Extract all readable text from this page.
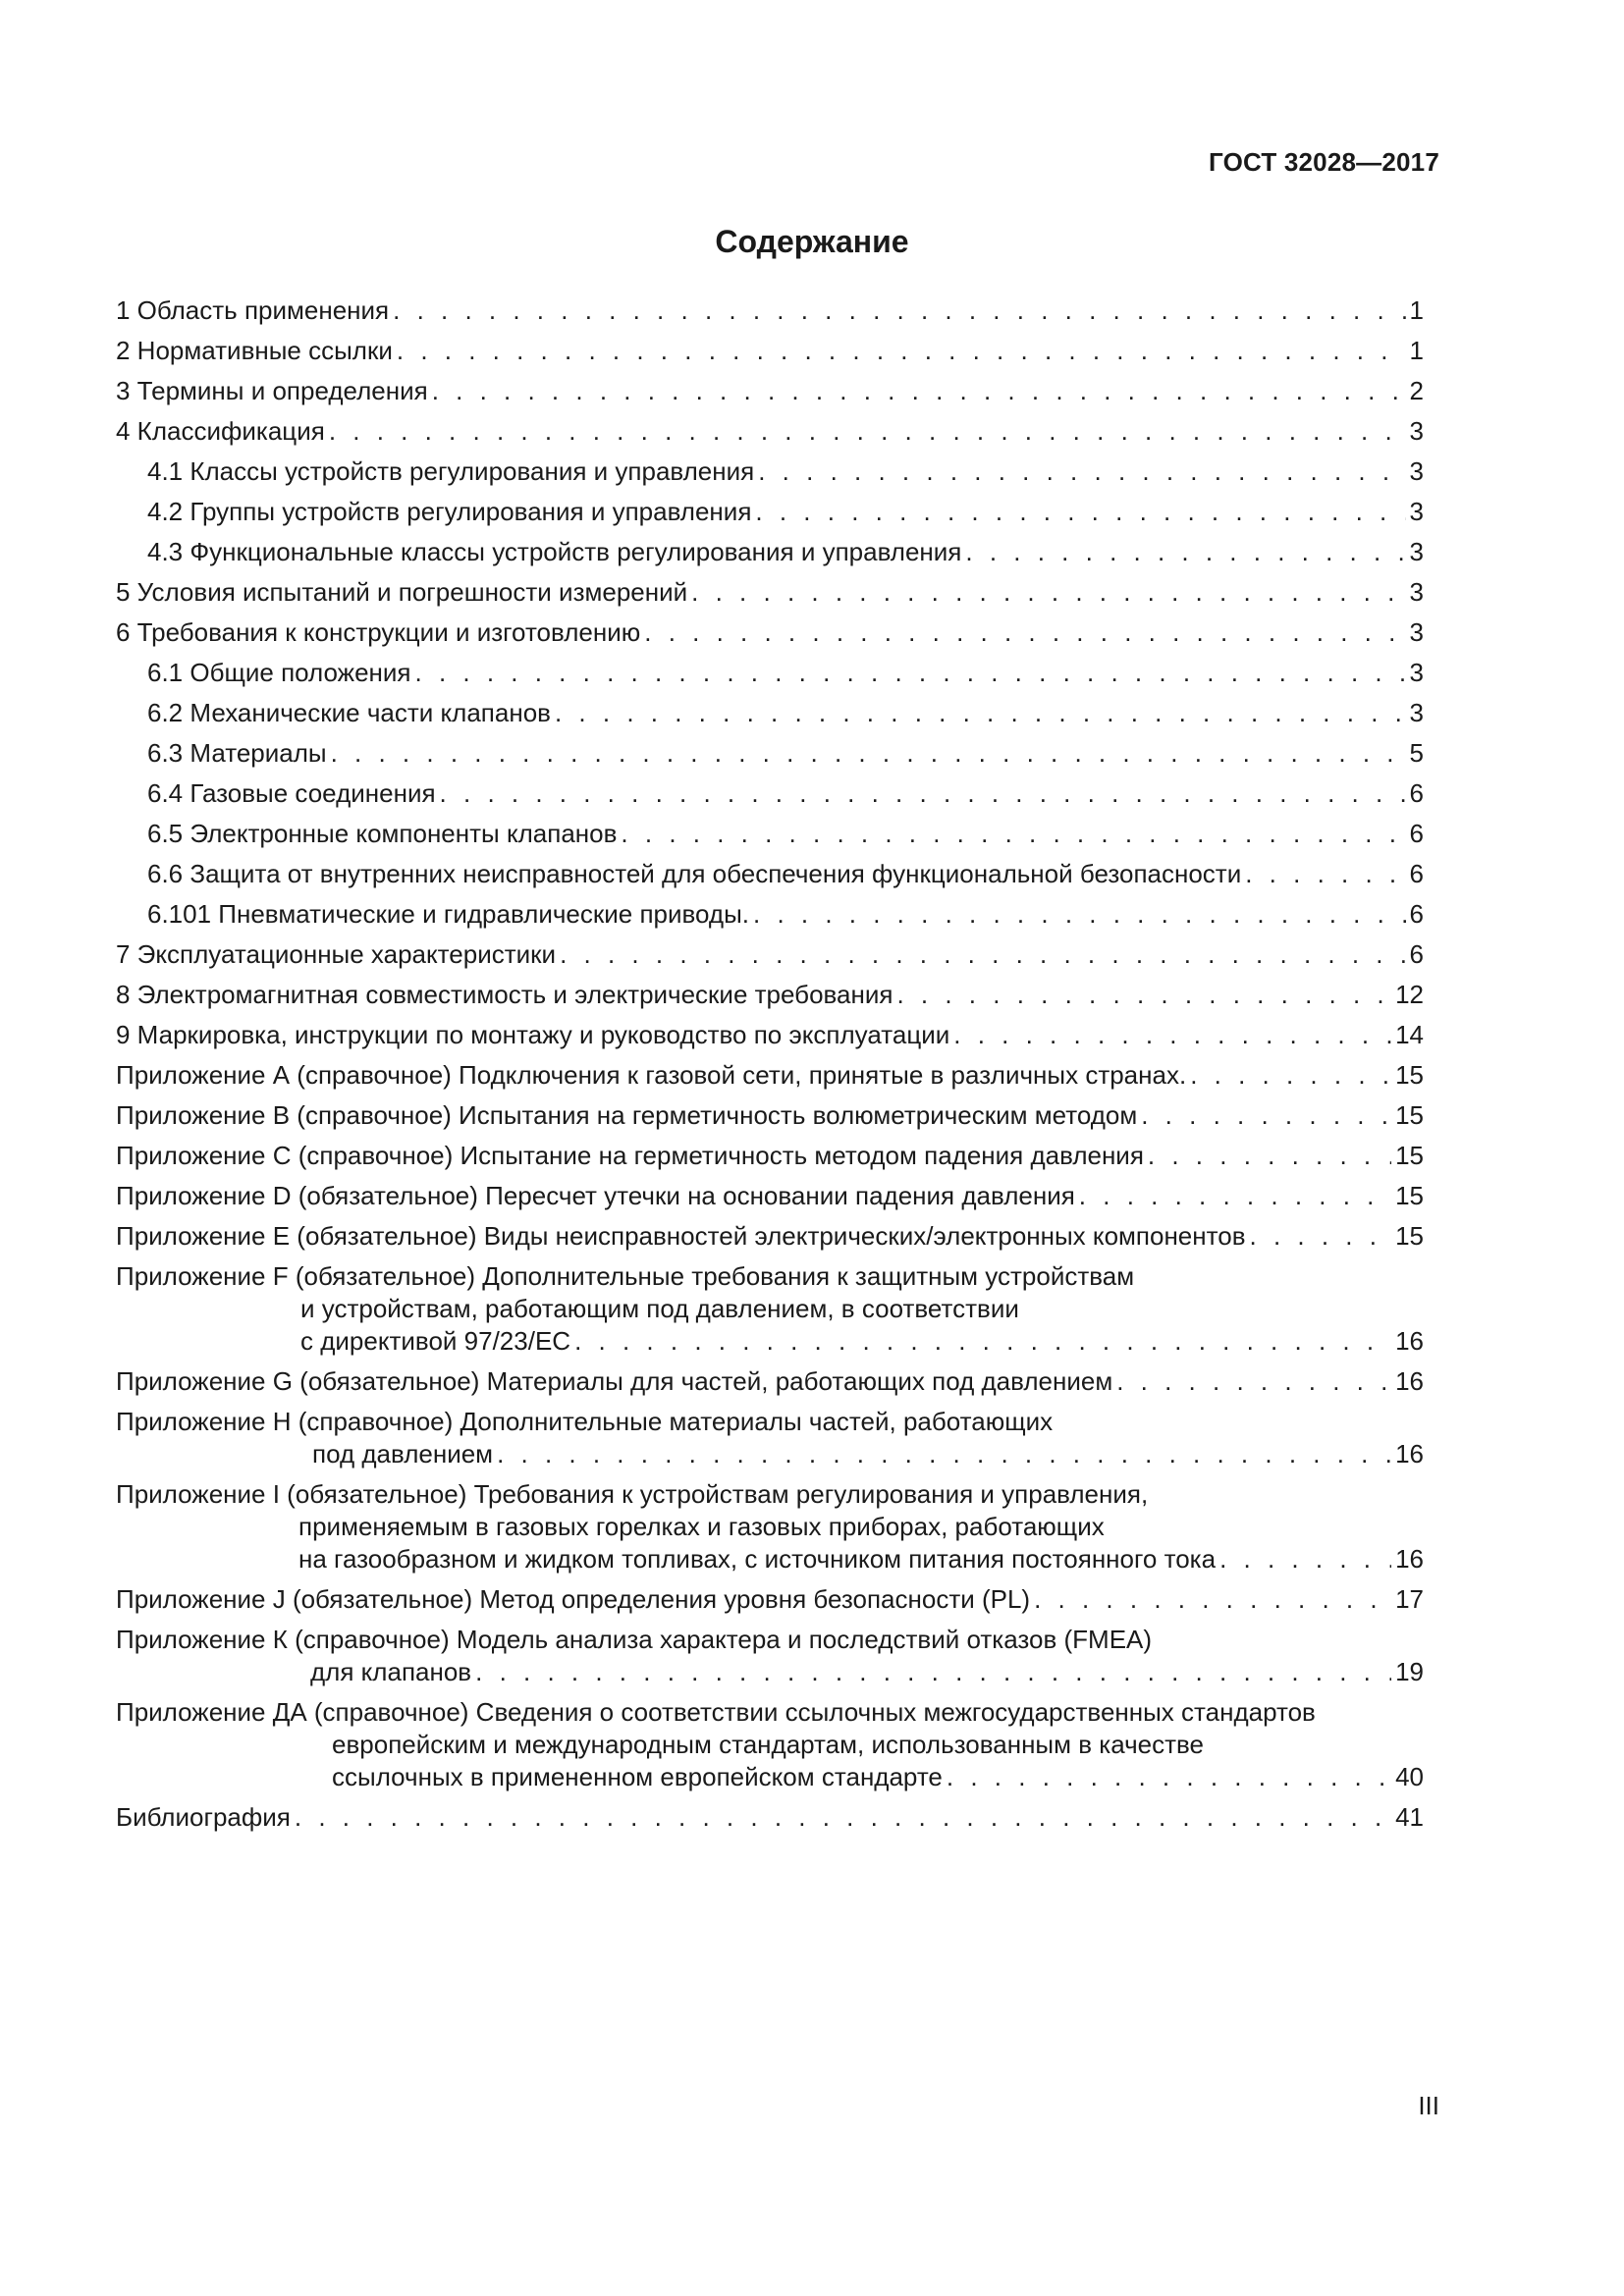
ГОСТ 32028—2017
Содержание
1 Область применения . . .	1
2 Нормативные ссылки . . .	1
3 Термины и определения . . .	2
4 Классификация . . .	3
4.1 Классы устройств регулирования и управления . . .	3
4.2 Группы устройств регулирования и управления . . .	3
4.3 Функциональные классы устройств регулирования и управления . . .	3
5 Условия испытаний и погрешности измерений . . .	3
6 Требования к конструкции и изготовлению . . .	3
6.1 Общие положения . . .	3
6.2 Механические части клапанов . . .	3
6.3 Материалы . . .	5
6.4 Газовые соединения . . .	6
6.5 Электронные компоненты клапанов . . .	6
6.6 Защита от внутренних неисправностей для обеспечения функциональной безопасности . . .	6
6.101 Пневматические и гидравлические приводы. . . .	6
7 Эксплуатационные характеристики . . .	6
8 Электромагнитная совместимость и электрические требования . . .	12
9 Маркировка, инструкции по монтажу и руководство по эксплуатации . . .	14
Приложение А (справочное) Подключения к газовой сети, принятые в различных странах. . . .	15
Приложение В (справочное) Испытания на герметичность волюметрическим методом . . .	15
Приложение С (справочное) Испытание на герметичность методом падения давления . . .	15
Приложение D (обязательное) Пересчет утечки на основании падения давления . . .	15
Приложение Е (обязательное) Виды неисправностей электрических/электронных компонентов . . .	15
Приложение F (обязательное) Дополнительные требования к защитным устройствам
и устройствам, работающим под давлением, в соответствии
с директивой 97/23/ЕС . . .	16
Приложение G (обязательное) Материалы для частей, работающих под давлением . . .	16
Приложение Н (справочное) Дополнительные материалы частей, работающих
под давлением . . .	16
Приложение I (обязательное) Требования к устройствам регулирования и управления,
применяемым в газовых горелках и газовых приборах, работающих
на газообразном и жидком топливах, с источником питания постоянного тока . . .	16
Приложение J (обязательное) Метод определения уровня безопасности (PL) . . .	17
Приложение К (справочное) Модель анализа характера и последствий отказов (FMEA)
для клапанов . . .	19
Приложение ДА (справочное) Сведения о соответствии ссылочных межгосударственных стандартов
европейским и международным стандартам, использованным в качестве
ссылочных в примененном европейском стандарте . . .	40
Библиография . . .	41
III
